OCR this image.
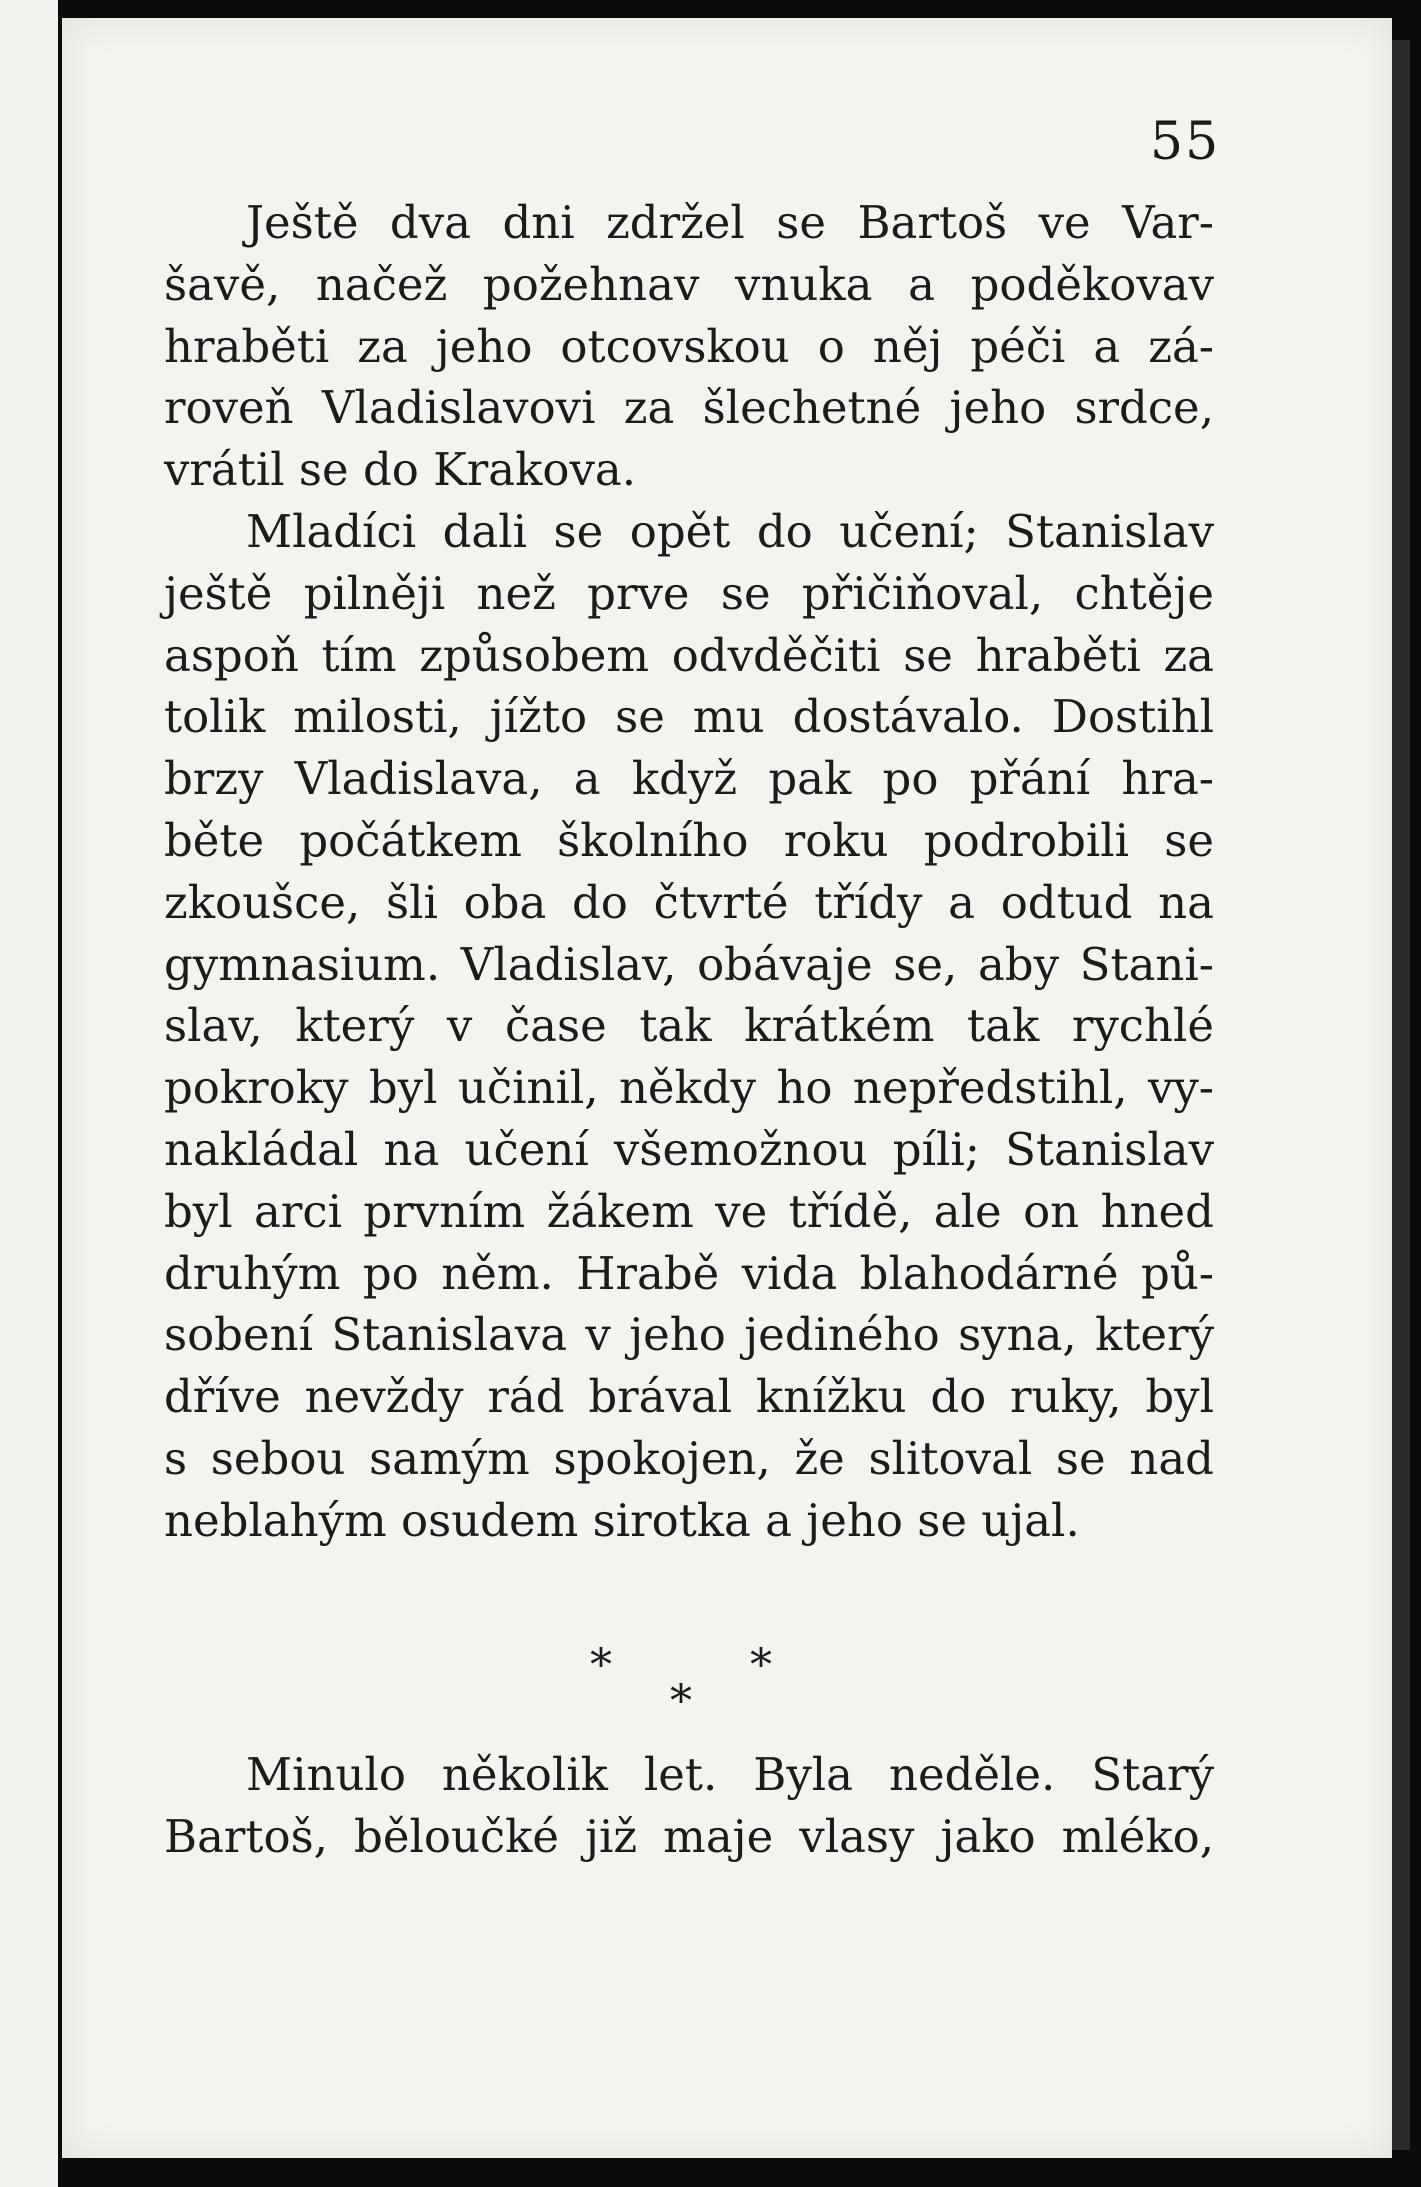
55
Ještě dva dni zdržel se Bartoš ve Var-
šavě, načež požehnav vnuka a poděkovav
hraběti za jeho otcovskou o něj péči a zá-
roveň Vladislavovi za šlechetné jeho srdce,
vrátil se do Krakova.
Mladíci dali se opět do učení; Stanislav
ještě pilněji než prve se přičiňoval, chtěje
aspoň tím způsobem odvděčiti se hraběti za
tolik milosti, jížto se mu dostávalo. Dostihl
brzy Vladislava, a když pak po přání hra-
běte počátkem školního roku podrobili se
zkoušce, šli oba do čtvrté třídy a odtud na
gymnasium. Vladislav, obávaje se, aby Stani-
slav, který v čase tak krátkém tak rychlé
pokroky byl učinil, někdy ho nepředstihl, vy-
nakládal na učení všemožnou píli; Stanislav
byl arci prvním žákem ve třídě, ale on hned
druhým po něm. Hrabě vida blahodárné pů-
sobení Stanislava v jeho jediného syna, který
dříve nevždy rád brával knížku do ruky, byl
s sebou samým spokojen, že slitoval se nad
neblahým osudem sirotka a jeho se ujal.
*	*
*
Minulo několik let. Byla neděle. Starý
Bartoš, běloučké již maje vlasy jako mléko,
